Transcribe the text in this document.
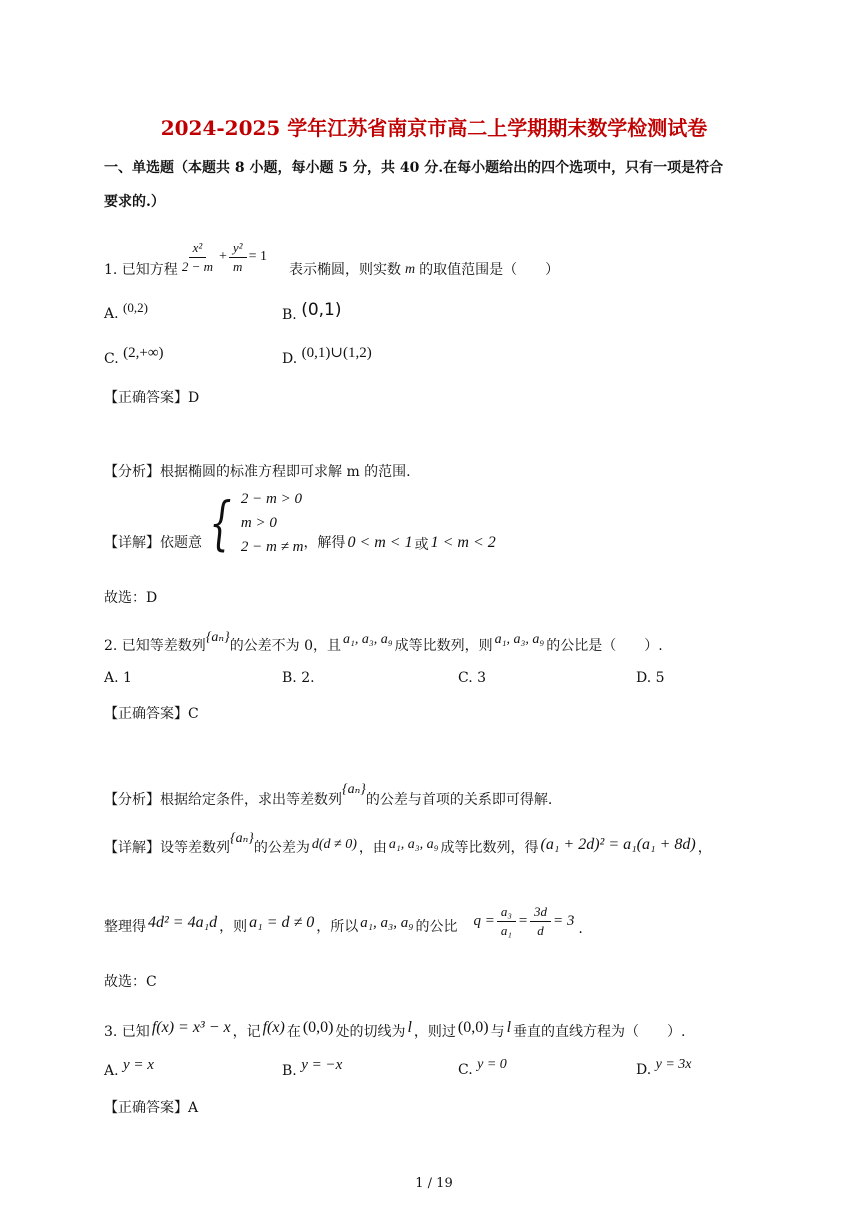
2024-2025 学年江苏省南京市高二上学期期末数学检测试卷
一、单选题（本题共 8 小题，每小题 5 分，共 40 分.在每小题给出的四个选项中，只有一项是符合
要求的.）
1. 已知方程 $\frac{\text{x²}}{2 - m} + \frac{\text{y²}}{m} = 1$
表示椭圆，则实数 m 的取值范围是（　　）
A. (0,2)	B. (0,1)
C. (2,+∞)	D. (0,1)∪(1,2)
【正确答案】D
【分析】根据椭圆的标准方程即可求解 m 的范围.
【详解】依题意 { 2 − m > 0
m > 0
2 − m ≠ m ，解得 0 < m < 1 或 1 < m < 2
故选：D
2. 已知等差数列
{aₙ}
的公差不为 0，且 a₁, a₃, a₉ 成等比数列，则 a₁, a₃, a₉ 的公比是（　　）.
A. 1	B. 2.	C. 3	D. 5
【正确答案】C
【分析】根据给定条件，求出等差数列
{aₙ}
的公差与首项的关系即可得解.
【详解】设等差数列
{aₙ}
的公差为 d(d ≠ 0) ，由 a₁, a₃, a₉ 成等比数列，得 (a₁ + 2d)² = a₁(a₁ + 8d) ，
整理得 4d² = 4a₁d ，则 a₁ = d ≠ 0 ，所以 a₁, a₃, a₉ 的公比 $q = \frac{\text{a₃}}{\text{a₁}} = \frac{3d}{d} = 3$
.
故选：C
3. 已知 f(x) = x³ − x ，记 f(x) 在 (0,0) 处的切线为 l ，则过 (0,0) 与 l 垂直的直线方程为（　　）.
A. y = x	B. y = −x	C. y = 0	D. y = 3x
【正确答案】A
1 / 19
